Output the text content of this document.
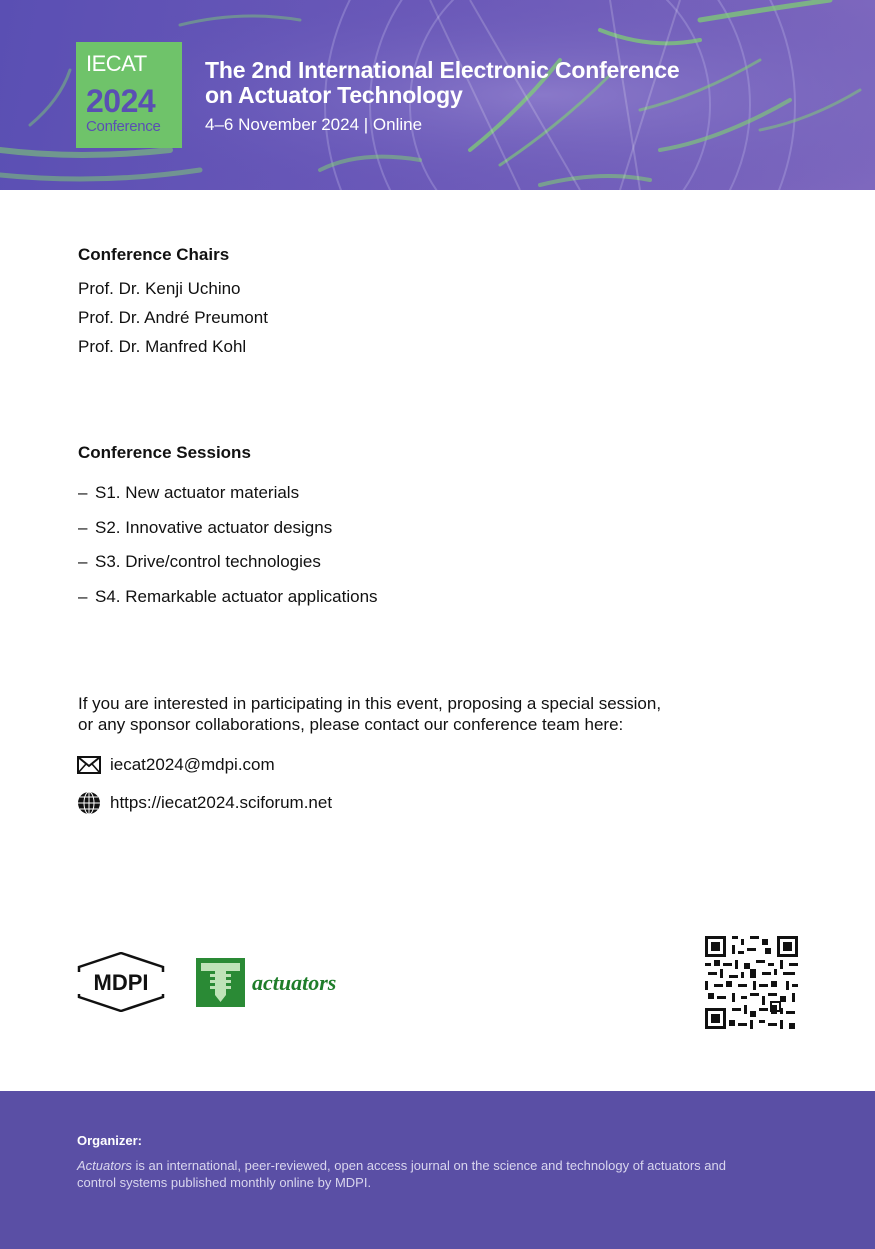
IECAT
2024
Conference
The 2nd International Electronic Conference
on Actuator Technology
4–6 November 2024 | Online
Conference Chairs
Prof. Dr. Kenji Uchino
Prof. Dr. André Preumont
Prof. Dr. Manfred Kohl
Conference Sessions
– S1. New actuator materials
– S2. Innovative actuator designs
– S3. Drive/control technologies
– S4. Remarkable actuator applications
If you are interested in participating in this event, proposing a special session,
or any sponsor collaborations, please contact our conference team here:
iecat2024@mdpi.com
https://iecat2024.sciforum.net
MDPI	actuators
Organizer:
Actuators is an international, peer-reviewed, open access journal on the science and technology of actuators and control systems published monthly online by MDPI.
